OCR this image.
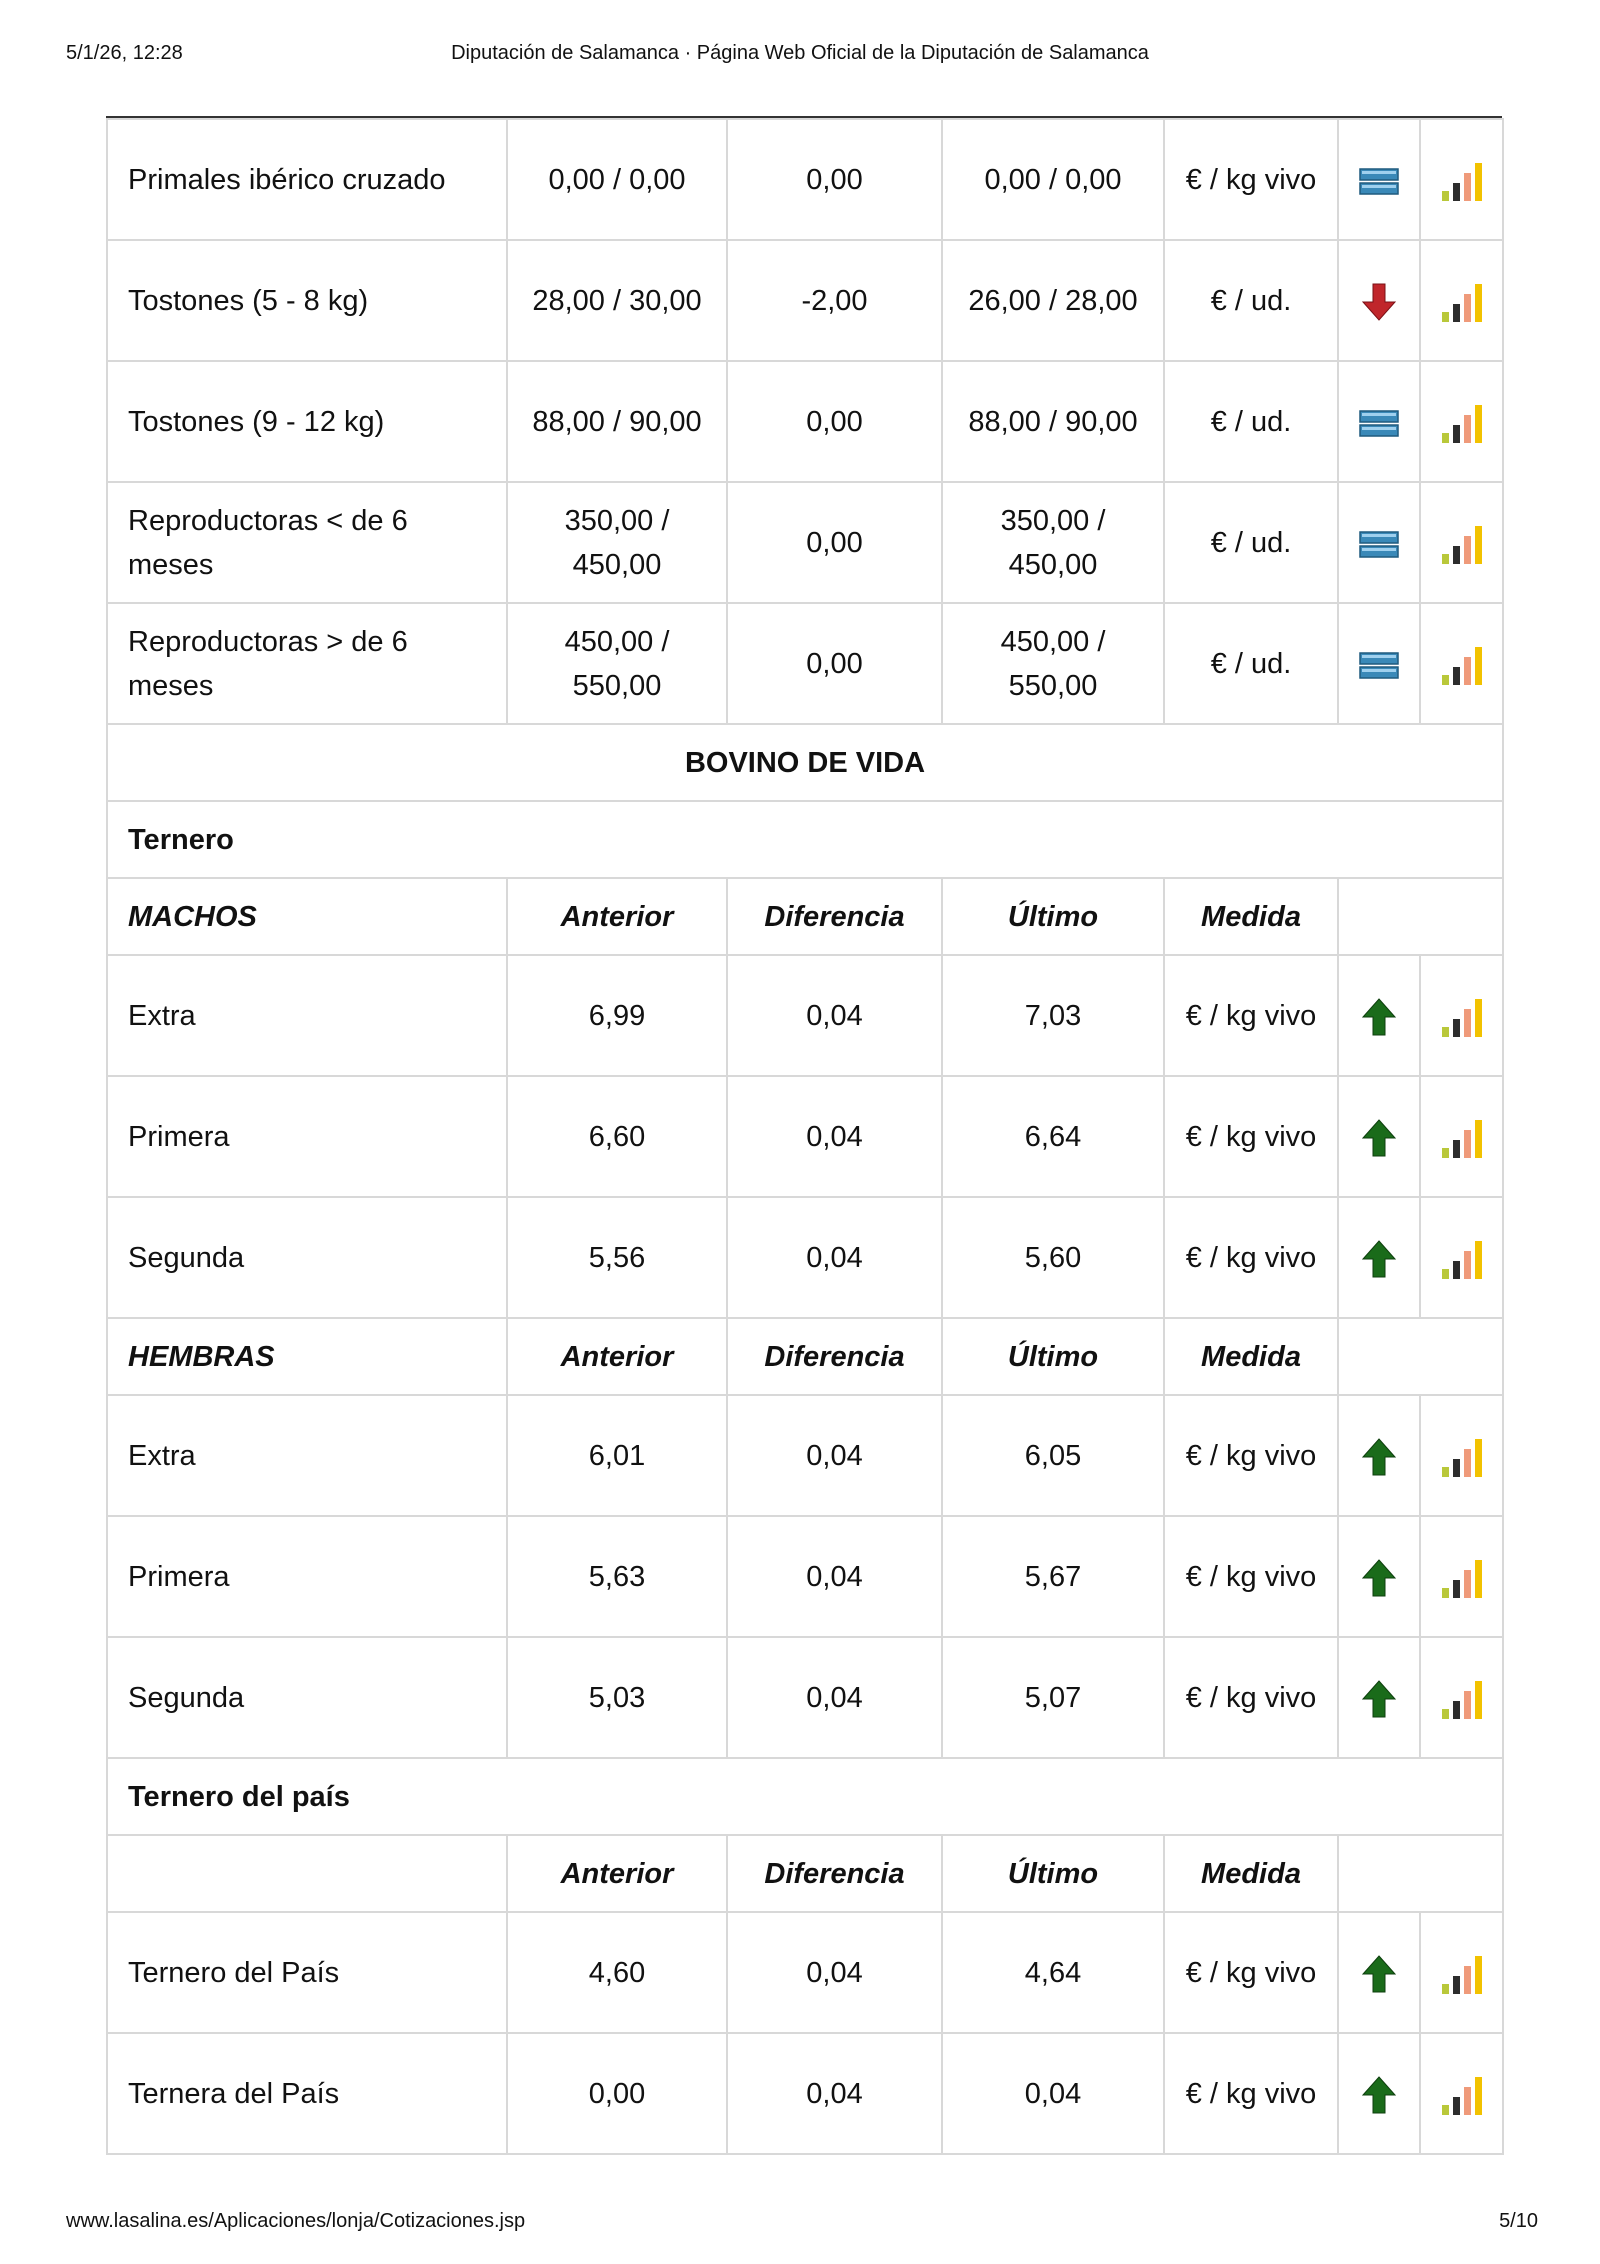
5/1/26, 12:28	Diputación de Salamanca · Página Web Oficial de la Diputación de Salamanca
Primales ibérico cruzado	0,00 / 0,00	0,00	0,00 / 0,00	€ / kg vivo		
Tostones (5 - 8 kg)	28,00 / 30,00	-2,00	26,00 / 28,00	€ / ud.		
Tostones (9 - 12 kg)	88,00 / 90,00	0,00	88,00 / 90,00	€ / ud.		
Reproductoras < de 6 meses	350,00 / 450,00	0,00	350,00 / 450,00	€ / ud.		
Reproductoras > de 6 meses	450,00 / 550,00	0,00	450,00 / 550,00	€ / ud.		
BOVINO DE VIDA						
Ternero						
MACHOS	Anterior	Diferencia	Último	Medida		
Extra	6,99	0,04	7,03	€ / kg vivo		
Primera	6,60	0,04	6,64	€ / kg vivo		
Segunda	5,56	0,04	5,60	€ / kg vivo		
HEMBRAS	Anterior	Diferencia	Último	Medida		
Extra	6,01	0,04	6,05	€ / kg vivo		
Primera	5,63	0,04	5,67	€ / kg vivo		
Segunda	5,03	0,04	5,07	€ / kg vivo		
Ternero del país						
	Anterior	Diferencia	Último	Medida		
Ternero del País	4,60	0,04	4,64	€ / kg vivo		
Ternera del País	0,00	0,04	0,04	€ / kg vivo		
www.lasalina.es/Aplicaciones/lonja/Cotizaciones.jsp	5/10
